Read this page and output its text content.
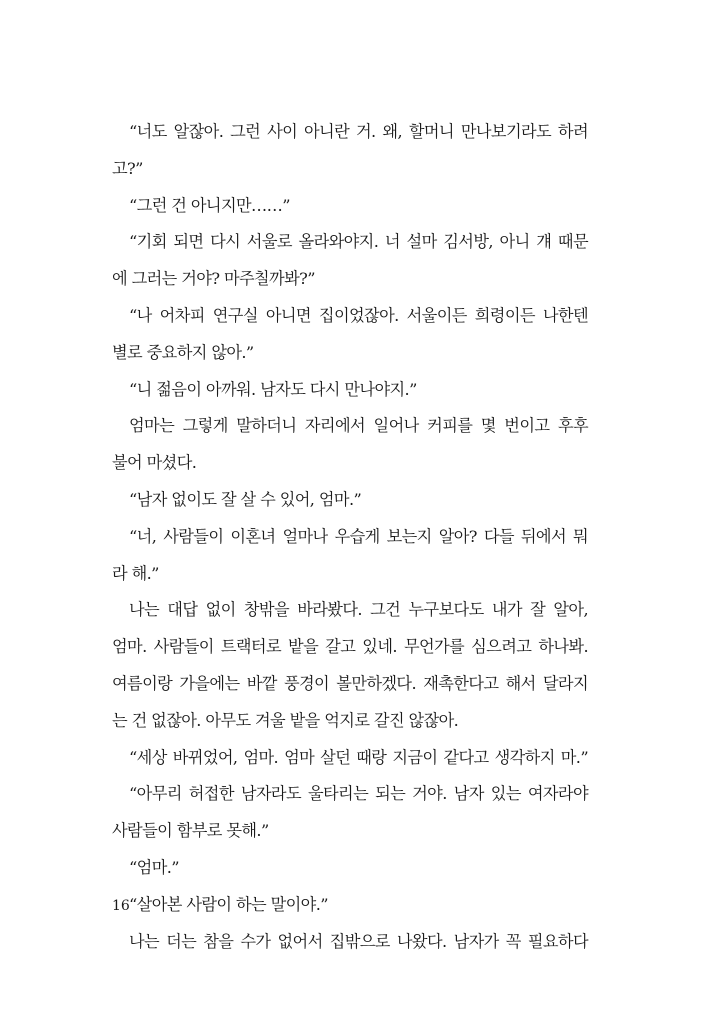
“너도 알잖아. 그런 사이 아니란 거. 왜, 할머니 만나보기라도 하려
고?”
“그런 건 아니지만……”
“기회 되면 다시 서울로 올라와야지. 너 설마 김서방, 아니 걔 때문
에 그러는 거야? 마주칠까봐?”
“나 어차피 연구실 아니면 집이었잖아. 서울이든 희령이든 나한텐
별로 중요하지 않아.”
“니 젊음이 아까워. 남자도 다시 만나야지.”
엄마는 그렇게 말하더니 자리에서 일어나 커피를 몇 번이고 후후
불어 마셨다.
“남자 없이도 잘 살 수 있어, 엄마.”
“너, 사람들이 이혼녀 얼마나 우습게 보는지 알아? 다들 뒤에서 뭐
라 해.”
나는 대답 없이 창밖을 바라봤다. 그건 누구보다도 내가 잘 알아,
엄마. 사람들이 트랙터로 밭을 갈고 있네. 무언가를 심으려고 하나봐.
여름이랑 가을에는 바깥 풍경이 볼만하겠다. 재촉한다고 해서 달라지
는 건 없잖아. 아무도 겨울 밭을 억지로 갈진 않잖아.
“세상 바뀌었어, 엄마. 엄마 살던 때랑 지금이 같다고 생각하지 마.”
“아무리 허접한 남자라도 울타리는 되는 거야. 남자 있는 여자라야
사람들이 함부로 못해.”
“엄마.”
“살아본 사람이 하는 말이야.”
나는 더는 참을 수가 없어서 집밖으로 나왔다. 남자가 꼭 필요하다
16
